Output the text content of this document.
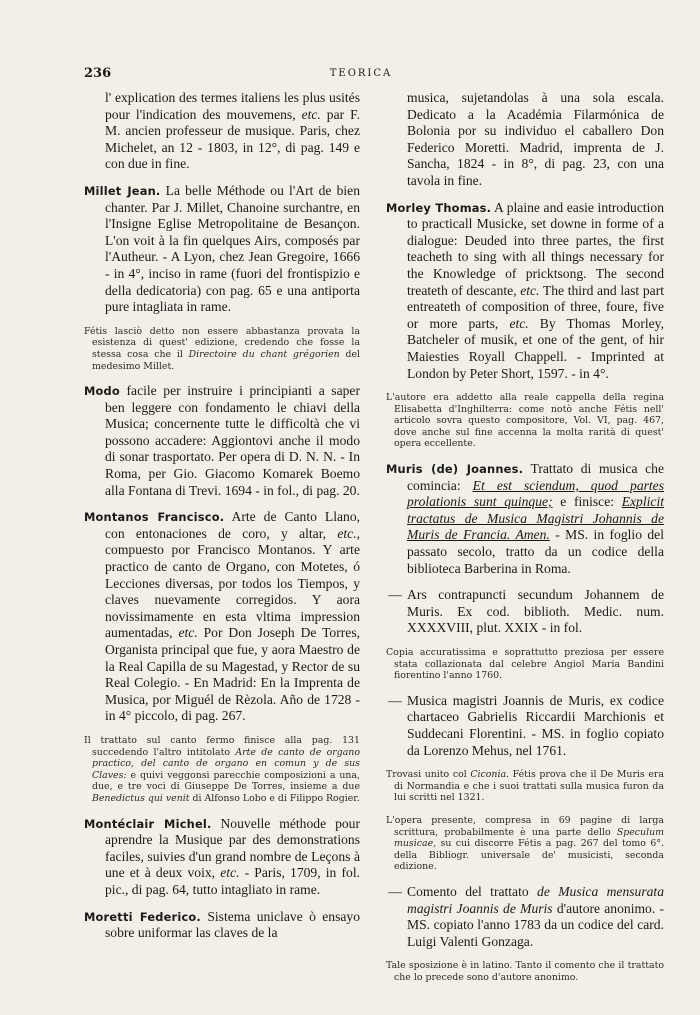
236	TEORICA

l' explication des termes italiens les plus usités pour l'indication des mouvemens, etc. par F. M. ancien professeur de musique. Paris, chez Michelet, an 12 - 1803, in 12°, di pag. 149 e con due in fine.

Millet Jean. La belle Méthode ou l'Art de bien chanter. Par J. Millet, Chanoine surchantre, en l'Insigne Eglise Metropolitaine de Besançon. L'on voit à la fin quelques Airs, composés par l'Autheur. - A Lyon, chez Jean Gregoire, 1666 - in 4°, inciso in rame (fuori del frontispizio e della dedicatoria) con pag. 65 e una antiporta pure intagliata in rame.

Fétis lasciò detto non essere abbastanza provata la esistenza di quest' edizione, credendo che fosse la stessa cosa che il Directoire du chant grégorien del medesimo Millet.

Modo facile per instruire i principianti a saper ben leggere con fondamento le chiavi della Musica; concernente tutte le difficoltà che vi possono accadere: Aggiontovi anche il modo di sonar trasportato. Per opera di D. N. N. - In Roma, per Gio. Giacomo Komarek Boemo alla Fontana di Trevi. 1694 - in fol., di pag. 20.

Montanos Francisco. Arte de Canto Llano, con entonaciones de coro, y altar, etc., compuesto por Francisco Montanos. Y arte practico de canto de Organo, con Motetes, ó Lecciones diversas, por todos los Tiempos, y claves nuevamente corregidos. Y aora novissimamente en esta vltima impression aumentadas, etc. Por Don Joseph De Torres, Organista principal que fue, y aora Maestro de la Real Capilla de su Magestad, y Rector de su Real Colegio. - En Madrid: En la Imprenta de Musica, por Miguél de Rèzola. Año de 1728 - in 4° piccolo, di pag. 267.

Il trattato sul canto fermo finisce alla pag. 131 succedendo l'altro intitolato Arte de canto de organo practico, del canto de organo en comun y de sus Claves: e quivi veggonsi parecchie composizioni a una, due, e tre voci di Giuseppe De Torres, insieme a due Benedictus qui venit di Alfonso Lobo e di Filippo Rogier.

Montéclair Michel. Nouvelle méthode pour aprendre la Musique par des demonstrations faciles, suivies d'un grand nombre de Leçons à une et à deux voix, etc. - Paris, 1709, in fol. pic., di pag. 64, tutto intagliato in rame.

Moretti Federico. Sistema uniclave ò ensayo sobre uniformar las claves de la

musica, sujetandolas à una sola escala. Dedicato a la Académia Filarmónica de Bolonia por su individuo el caballero Don Federico Moretti. Madrid, imprenta de J. Sancha, 1824 - in 8°, di pag. 23, con una tavola in fine.

Morley Thomas. A plaine and easie introduction to practicall Musicke, set downe in forme of a dialogue: Deuded into three partes, the first teacheth to sing with all things necessary for the Knowledge of pricktsong. The second treateth of descante, etc. The third and last part entreateth of composition of three, foure, five or more parts, etc. By Thomas Morley, Batcheler of musik, et one of the gent, of hir Maiesties Royall Chappell. - Imprinted at London by Peter Short, 1597. - in 4°.

L'autore era addetto alla reale cappella della regina Elisabetta d'Inghilterra: come notò anche Fétis nell' articolo sovra questo compositore, Vol. VI, pag. 467, dove anche sul fine accenna la molta rarità di quest' opera eccellente.

Muris (de) Joannes. Trattato di musica che comincia: Et est sciendum, quod partes prolationis sunt quinque; e finisce: Explicit tractatus de Musica Magistri Johannis de Muris de Francia. Amen. - MS. in foglio del passato secolo, tratto da un codice della biblioteca Barberina in Roma.

— Ars contrapuncti secundum Johannem de Muris. Ex cod. biblioth. Medic. num. XXXXVIII, plut. XXIX - in fol.

Copia accuratissima e soprattutto preziosa per essere stata collazionata dal celebre Angiol Maria Bandini fiorentino l'anno 1760.

— Musica magistri Joannis de Muris, ex codice chartaceo Gabrielis Riccardii Marchionis et Suddecani Florentini. - MS. in foglio copiato da Lorenzo Mehus, nel 1761.

Trovasi unito col Ciconia. Fétis prova che il De Muris era di Normandia e che i suoi trattati sulla musica furon da lui scritti nel 1321.

L'opera presente, compresa in 69 pagine di larga scrittura, probabilmente è una parte dello Speculum musicae, su cui discorre Fétis a pag. 267 del tomo 6°. della Bibliogr. universale de' musicisti, seconda edizione.

— Comento del trattato de Musica mensurata magistri Joannis de Muris d'autore anonimo. - MS. copiato l'anno 1783 da un codice del card. Luigi Valenti Gonzaga.

Tale sposizione è in latino. Tanto il comento che il trattato che lo precede sono d'autore anonimo.
